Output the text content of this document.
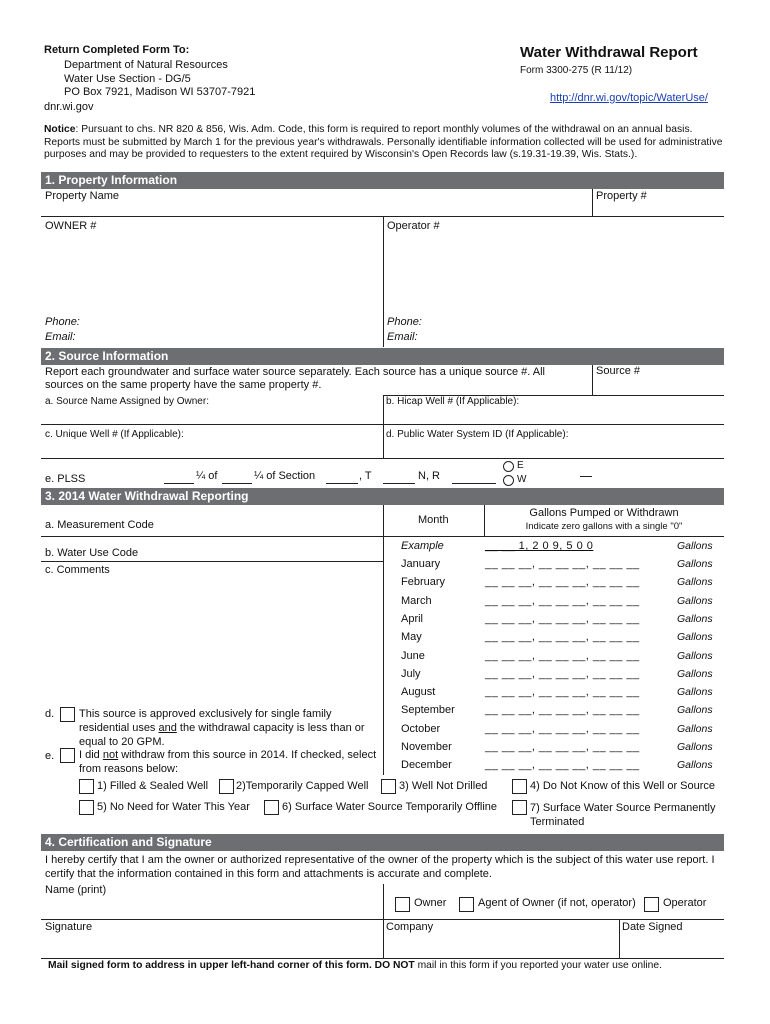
Return Completed Form To:
Department of Natural Resources
Water Use Section - DG/5
PO Box 7921, Madison WI 53707-7921
dnr.wi.gov
Water Withdrawal Report
Form 3300-275 (R 11/12)
http://dnr.wi.gov/topic/WaterUse/
Notice: Pursuant to chs. NR 820 & 856, Wis. Adm. Code, this form is required to report monthly volumes of the withdrawal on an annual basis. Reports must be submitted by March 1 for the previous year's withdrawals. Personally identifiable information collected will be used for administrative purposes and may be provided to requesters to the extent required by Wisconsin's Open Records law (s.19.31-19.39, Wis. Stats.).
1. Property Information
Property Name	Property #
OWNER #	Operator #
Phone:
Email:
Phone:
Email:
2. Source Information
Report each groundwater and surface water source separately. Each source has a unique source #. All sources on the same property have the same property #.
Source #
a. Source Name Assigned by Owner:	b. Hicap Well # (If Applicable):
c. Unique Well # (If Applicable):	d. Public Water System ID (If Applicable):
e. PLSS	¼ of	¼ of Section	, T	N, R
E
W
3. 2014 Water Withdrawal Reporting
a. Measurement Code	Month
Gallons Pumped or Withdrawn
Indicate zero gallons with a single "0"
b. Water Use Code
c. Comments
Example	__ __ 1, 2 0 9, 5 0 0	Gallons
January	__ __ __, __ __ __, __ __ __	Gallons
February	__ __ __, __ __ __, __ __ __	Gallons
March	__ __ __, __ __ __, __ __ __	Gallons
April	__ __ __, __ __ __, __ __ __	Gallons
May	__ __ __, __ __ __, __ __ __	Gallons
June	__ __ __, __ __ __, __ __ __	Gallons
July	__ __ __, __ __ __, __ __ __	Gallons
August	__ __ __, __ __ __, __ __ __	Gallons
September	__ __ __, __ __ __, __ __ __	Gallons
October	__ __ __, __ __ __, __ __ __	Gallons
November	__ __ __, __ __ __, __ __ __	Gallons
December	__ __ __, __ __ __, __ __ __	Gallons
d. This source is approved exclusively for single family residential uses and the withdrawal capacity is less than or equal to 20 GPM.
e. I did not withdraw from this source in 2014. If checked, select from reasons below:
1) Filled & Sealed Well	2)Temporarily Capped Well	3) Well Not Drilled	4) Do Not Know of this Well or Source
5) No Need for Water This Year	6) Surface Water Source Temporarily Offline	7) Surface Water Source Permanently Terminated
4. Certification and Signature
I hereby certify that I am the owner or authorized representative of the owner of the property which is the subject of this water use report. I certify that the information contained in this form and attachments is accurate and complete.
Name (print)
Owner	Agent of Owner (if not, operator) Operator
Signature	Company	Date Signed
Mail signed form to address in upper left-hand corner of this form. DO NOT mail in this form if you reported your water use online.
